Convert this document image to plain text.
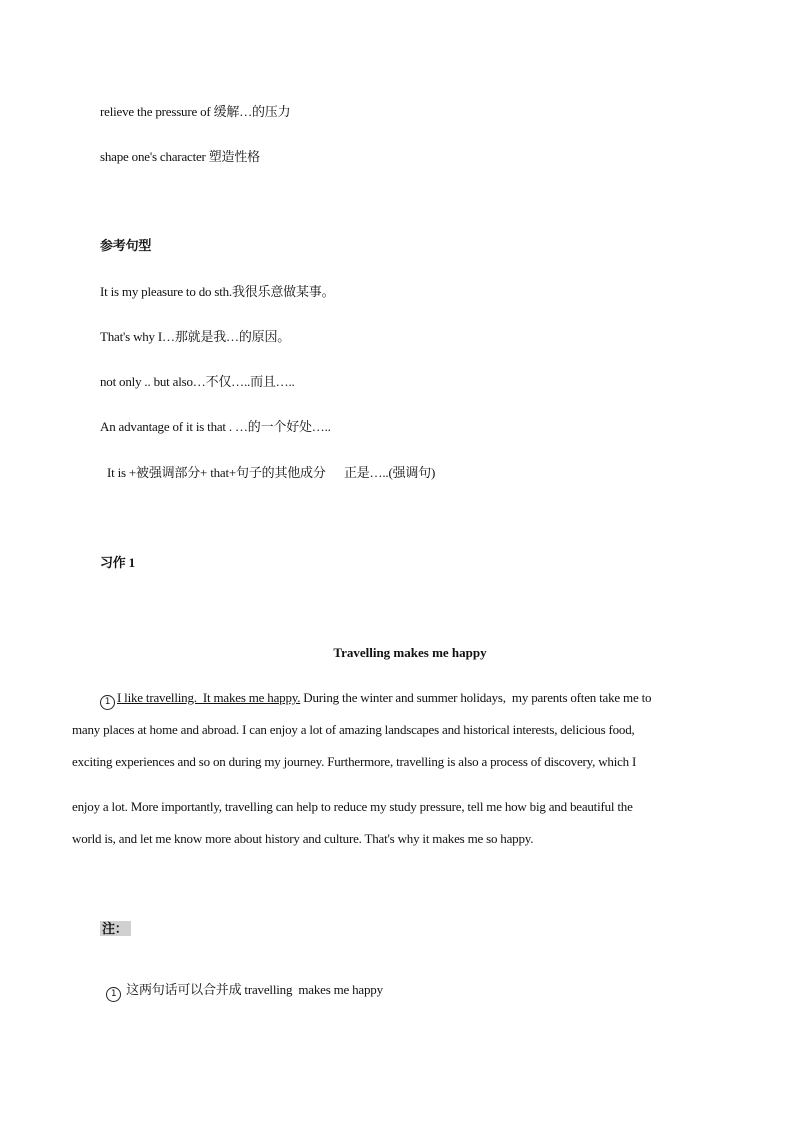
relieve the pressure of 缓解…的压力
shape one's character 塑造性格
参考句型
It is my pleasure to do sth.我很乐意做某事。
That's why I…那就是我…的原因。
not only .. but also…不仅…..而且…..
An advantage of it is that . …的一个好处…..
It is +被强调部分+ that+句子的其他成分      正是…..(强调句)
习作 1
Travelling makes me happy
1 I like travelling.  It makes me happy. During the winter and summer holidays,  my parents often take me to
many places at home and abroad. I can enjoy a lot of amazing landscapes and historical interests, delicious food,
exciting experiences and so on during my journey. Furthermore, travelling is also a process of discovery, which I
enjoy a lot. More importantly, travelling can help to reduce my study pressure, tell me how big and beautiful the
world is, and let me know more about history and culture. That's why it makes me so happy.
注：

1 这两句话可以合并成 travelling  makes me happy
